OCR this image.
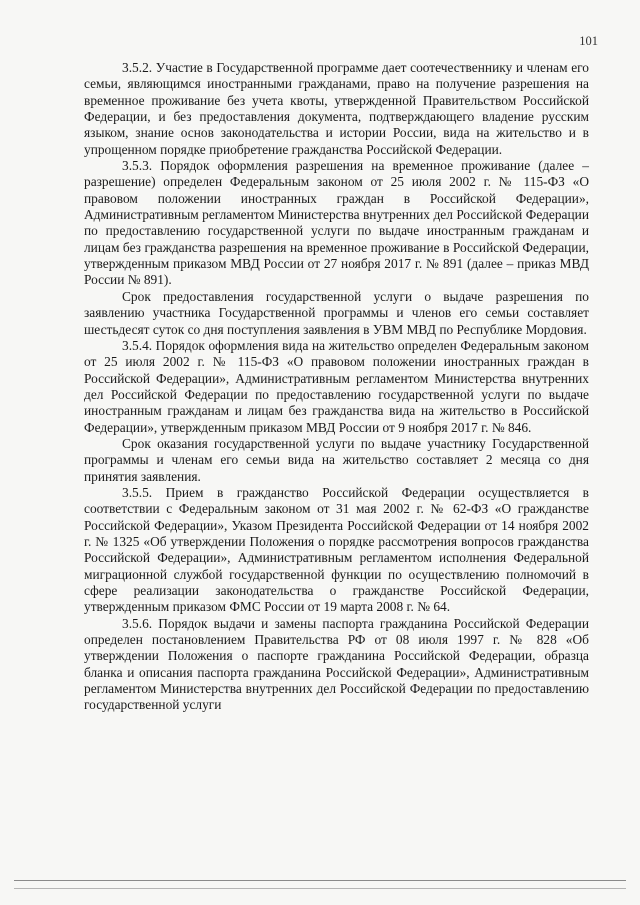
101

3.5.2. Участие в Государственной программе дает соотечественнику и членам его семьи, являющимся иностранными гражданами, право на получение разрешения на временное проживание без учета квоты, утвержденной Правительством Российской Федерации, и без предоставления документа, подтверждающего владение русским языком, знание основ законодательства и истории России, вида на жительство и в упрощенном порядке приобретение гражданства Российской Федерации.

3.5.3. Порядок оформления разрешения на временное проживание (далее – разрешение) определен Федеральным законом от 25 июля 2002 г. № 115-ФЗ «О правовом положении иностранных граждан в Российской Федерации», Административным регламентом Министерства внутренних дел Российской Федерации по предоставлению государственной услуги по выдаче иностранным гражданам и лицам без гражданства разрешения на временное проживание в Российской Федерации, утвержденным приказом МВД России от 27 ноября 2017 г. № 891 (далее – приказ МВД России № 891).

Срок предоставления государственной услуги о выдаче разрешения по заявлению участника Государственной программы и членов его семьи составляет шестьдесят суток со дня поступления заявления в УВМ МВД по Республике Мордовия.

3.5.4. Порядок оформления вида на жительство определен Федеральным законом от 25 июля 2002 г. № 115-ФЗ «О правовом положении иностранных граждан в Российской Федерации», Административным регламентом Министерства внутренних дел Российской Федерации по предоставлению государственной услуги по выдаче иностранным гражданам и лицам без гражданства вида на жительство в Российской Федерации», утвержденным приказом МВД России от 9 ноября 2017 г. № 846.

Срок оказания государственной услуги по выдаче участнику Государственной программы и членам его семьи вида на жительство составляет 2 месяца со дня принятия заявления.

3.5.5. Прием в гражданство Российской Федерации осуществляется в соответствии с Федеральным законом от 31 мая 2002 г. № 62-ФЗ «О гражданстве Российской Федерации», Указом Президента Российской Федерации от 14 ноября 2002 г. № 1325 «Об утверждении Положения о порядке рассмотрения вопросов гражданства Российской Федерации», Административным регламентом исполнения Федеральной миграционной службой государственной функции по осуществлению полномочий в сфере реализации законодательства о гражданстве Российской Федерации, утвержденным приказом ФМС России от 19 марта 2008 г. № 64.

3.5.6. Порядок выдачи и замены паспорта гражданина Российской Федерации определен постановлением Правительства РФ от 08 июля 1997 г. № 828 «Об утверждении Положения о паспорте гражданина Российской Федерации, образца бланка и описания паспорта гражданина Российской Федерации», Административным регламентом Министерства внутренних дел Российской Федерации по предоставлению государственной услуги
